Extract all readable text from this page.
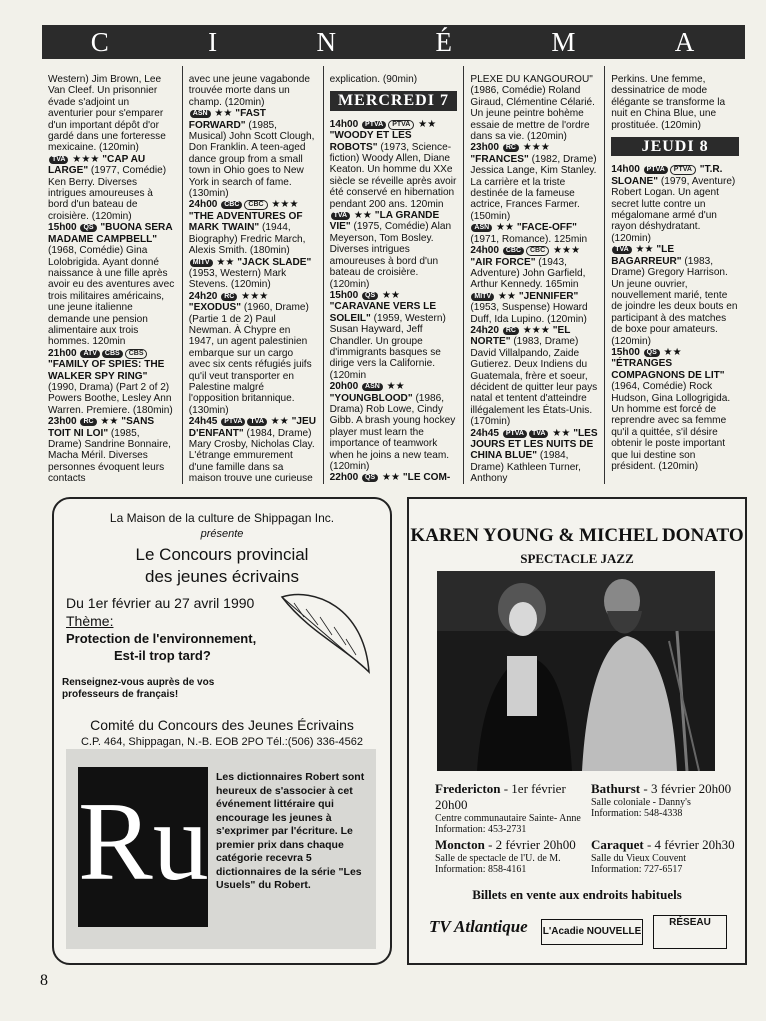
C	I	N	É	M	A

Western) Jim Brown, Lee Van Cleef. Un prisonnier évade s'adjoint un aventurier pour s'emparer d'un important dépôt d'or gardé dans une forteresse mexicaine. (120min)

TVA ★★★ "CAP AU LARGE" (1977, Comédie) Ken Berry. Diverses intrigues amoureuses à bord d'un bateau de croisière. (120min)

15h00 QS "BUONA SERA MADAME CAMPBELL" (1968, Comédie) Gina Lolobrigida. Ayant donné naissance à une fille après avoir eu des aventures avec trois militaires américains, une jeune italienne demande une pension alimentaire aux trois hommes. 120min

21h00 ATV CBS CBS "FAMILY OF SPIES: THE WALKER SPY RING" (1990, Drama) (Part 2 of 2) Powers Boothe, Lesley Ann Warren. Premiere. (180min)

23h00 RC ★★ "SANS TOIT NI LOI" (1985, Drame) Sandrine Bonnaire, Macha Méril. Diverses personnes évoquent leurs contacts

avec une jeune vagabonde trouvée morte dans un champ. (120min)

ASN ★★ "FAST FORWARD" (1985, Musical) John Scott Clough, Don Franklin. A teen-aged dance group from a small town in Ohio goes to New York in search of fame. (130min)

24h00 CBC CBC ★★★ "THE ADVENTURES OF MARK TWAIN" (1944, Biography) Fredric March, Alexis Smith. (180min)

MITV ★★ "JACK SLADE" (1953, Western) Mark Stevens. (120min)

24h20 RC ★★★ "EXODUS" (1960, Drame) (Partie 1 de 2) Paul Newman. À Chypre en 1947, un agent palestinien embarque sur un cargo avec six cents réfugiés juifs qu'il veut transporter en Palestine malgré l'opposition britannique. (130min)

24h45 PTVA TVA ★★ "JEU D'ENFANT" (1984, Drame) Mary Crosby, Nicholas Clay. L'étrange emmurement d'une famille dans sa maison trouve une curieuse

explication. (90min)

MERCREDI 7

14h00 PTVA PTVA ★★ "WOODY ET LES ROBOTS" (1973, Science-fiction) Woody Allen, Diane Keaton. Un homme du XXe siècle se réveille après avoir été conservé en hibernation pendant 200 ans. 120min

TVA ★★ "LA GRANDE VIE" (1975, Comédie) Alan Meyerson, Tom Bosley. Diverses intrigues amoureuses à bord d'un bateau de croisière. (120min)

15h00 QS ★★ "CARAVANE VERS LE SOLEIL" (1959, Western) Susan Hayward, Jeff Chandler. Un groupe d'immigrants basques se dirige vers la Californie. (120min

20h00 ASN ★★ "YOUNGBLOOD" (1986, Drama) Rob Lowe, Cindy Gibb. A brash young hockey player must learn the importance of teamwork when he joins a new team. (120min)

22h00 QS ★★ "LE COM-

PLEXE DU KANGOUROU" (1986, Comédie) Roland Giraud, Clémentine Célarié. Un jeune peintre bohème essaie de mettre de l'ordre dans sa vie. (120min)

23h00 RC ★★★ "FRANCES" (1982, Drame) Jessica Lange, Kim Stanley. La carrière et la triste destinée de la fameuse actrice, Frances Farmer. (150min)

ASN ★★ "FACE-OFF" (1971, Romance). 125min

24h00 CBC CBC ★★★ "AIR FORCE" (1943, Adventure) John Garfield, Arthur Kennedy. 165min

MITV ★★ "JENNIFER" (1953, Suspense) Howard Duff, Ida Lupino. (120min)

24h20 RC ★★★ "EL NORTE" (1983, Drame) David Villalpando, Zaide Gutierez. Deux Indiens du Guatemala, frère et soeur, décident de quitter leur pays natal et tentent d'atteindre illégalement les États-Unis. (170min)

24h45 PTVA TVA ★★ "LES JOURS ET LES NUITS DE CHINA BLUE" (1984, Drame) Kathleen Turner, Anthony

Perkins. Une femme, dessinatrice de mode élégante se transforme la nuit en China Blue, une prostituée. (120min)

JEUDI 8

14h00 PTVA PTVA "T.R. SLOANE" (1979, Aventure) Robert Logan. Un agent secret lutte contre un mégalomane armé d'un rayon déshydratant. (120min)

TVA ★★ "LE BAGARREUR" (1983, Drame) Gregory Harrison. Un jeune ouvrier, nouvellement marié, tente de joindre les deux bouts en participant à des matches de boxe pour amateurs. (120min)

15h00 QS ★★ "ÉTRANGES COMPAGNONS DE LIT" (1964, Comédie) Rock Hudson, Gina Lollogrigida. Un homme est forcé de reprendre avec sa femme qu'il a quittée, s'il désire obtenir le poste important que lui destine son président. (120min)

La Maison de la culture de Shippagan Inc.
présente
Le Concours provincial
des jeunes écrivains
Du 1er février au 27 avril 1990
Thème:
Protection de l'environnement,
Est-il trop tard?
Renseignez-vous auprès de vos professeurs de français!
Comité du Concours des Jeunes Écrivains
C.P. 464, Shippagan, N.-B. EOB 2PO Tél.:(506) 336-4562
Ru
Les dictionnaires Robert sont heureux de s'associer à cet événement littéraire qui encourage les jeunes à s'exprimer par l'écriture. Le premier prix dans chaque catégorie recevra 5 dictionnaires de la série "Les Usuels" du Robert.
KAREN YOUNG & MICHEL DONATO
SPECTACLE JAZZ
Fredericton - 1er février 20h00
Centre communautaire Sainte- Anne
Information: 453-2731
Bathurst - 3 février 20h00
Salle coloniale - Danny's
Information: 548-4338
Moncton - 2 février 20h00
Salle de spectacle de l'U. de M.
Information: 858-4161
Caraquet - 4 février 20h30
Salle du Vieux Couvent
Information: 727-6517
Billets en vente aux endroits habituels
TV Atlantique L'Acadie NOUVELLE
RÉSEAU
8
